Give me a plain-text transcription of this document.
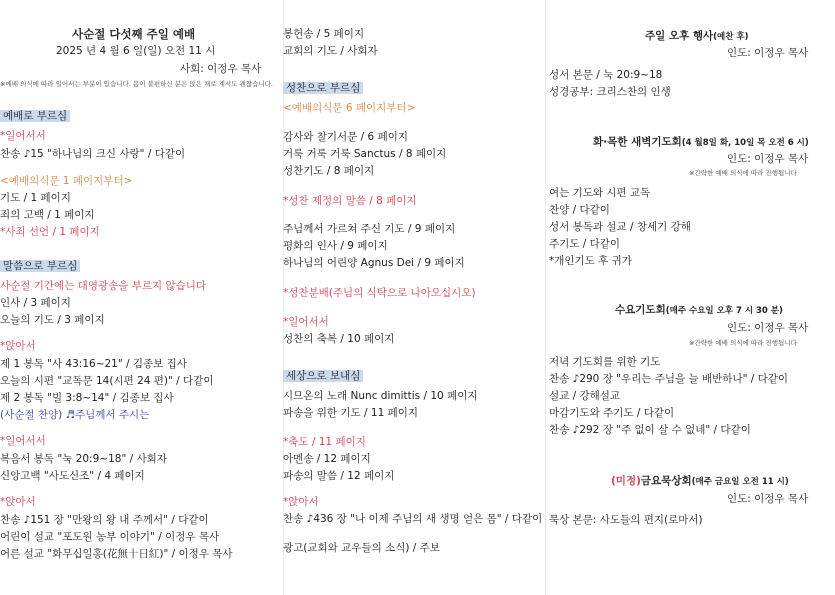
사순절 다섯째 주일 예배
2025 년 4 월 6 일(일) 오전 11 시
사회: 이정우 목사
※예배 의식에 따라 일어서는 부분이 있습니다. 몸이 불편하신 분은 앉은 채로 계셔도 괜찮습니다.
예배로 부르심
*일어서서
찬송 ♪15 "하나님의 크신 사랑" / 다같이
<예배의식문 1 페이지부터>
기도 / 1 페이지
죄의 고백 / 1 페이지
*사죄 선언 / 1 페이지
말씀으로 부르심
사순절 기간에는 대영광송을 부르지 않습니다
인사 / 3 페이지
오늘의 기도 / 3 페이지
*앉아서
제 1 봉독 "사 43:16~21" / 김종보 집사
오늘의 시편 "교독문 14(시편 24 편)" / 다같이
제 2 봉독 "빌 3:8~14" / 김종보 집사
(사순절 찬양) ♬주님께서 주시는
*일어서서
복음서 봉독 "눅 20:9~18" / 사회자
신앙고백 "사도신조" / 4 페이지
*앉아서
찬송 ♪151 장 "만왕의 왕 내 주께서" / 다같이
어린이 설교 "포도원 농부 이야기" / 이정우 목사
어른 설교 "화무십일홍(花無十日紅)" / 이정우 목사
봉헌송 / 5 페이지
교회의 기도 / 사회자
성찬으로 부르심
<예배의식문 6 페이지부터>
감사와 찰기서문 / 6 페이지
거룩 거룩 거룩 Sanctus / 8 페이지
성찬기도 / 8 페이지
*성찬 제정의 말씀 / 8 페이지
주님께서 가르쳐 주신 기도 / 9 페이지
평화의 인사 / 9 페이지
하나님의 어린양 Agnus Dei / 9 페이지
*성찬분배(주님의 식탁으로 나아오십시오)
*일어서서
성찬의 축복 / 10 페이지
세상으로 보내심
시므온의 노래 Nunc dimittis / 10 페이지
파송을 위한 기도 / 11 페이지
*축도 / 11 페이지
아멘송 / 12 페이지
파송의 말씀 / 12 페이지
*앉아서
찬송 ♪436 장 "나 이제 주님의 새 생명 얻은 몸" / 다같이
광고(교회와 교우들의 소식) / 주보
주일 오후 행사(예찬 후)
인도: 이정우 목사
성서 본문 / 눅 20:9~18
성경공부: 크리스찬의 인생
화·목한 새벽기도회(4 월8일 화, 10일 목 오전 6 시)
인도: 이정우 목사
※간략한 예배 의식에 따라 진행됩니다
여는 기도와 시편 교독
찬양 / 다같이
성서 봉독과 설교 / 창세기 강해
주기도 / 다같이
*개인기도 후 귀가
수요기도회(매주 수요일 오후 7 시 30 분)
인도: 이정우 목사
※간략한 예배 의식에 따라 진행됩니다
저녁 기도회를 위한 기도
찬송 ♪290 장 "우리는 주님을 늘 배반하나" / 다같이
설교 / 강해설교
마감기도와 주기도 / 다같이
찬송 ♪292 장 "주 없이 살 수 없네" / 다같이
(미정)금요묵상회(매주 금요일 오전 11 시)
인도: 이정우 목사
묵상 본문: 사도들의 편지(로마서)
